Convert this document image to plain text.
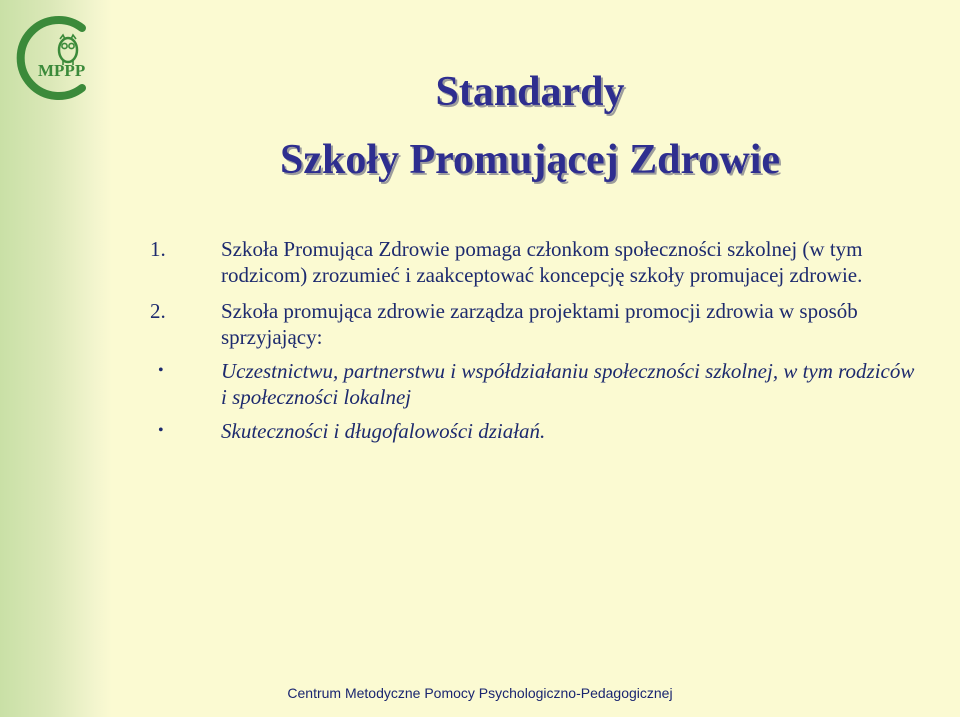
MPPP	Standardy
Szkoły Promującej Zdrowie
1.	Szkoła Promująca Zdrowie pomaga członkom społeczności szkolnej (w tym rodzicom) zrozumieć i zaakceptować koncepcję szkoły promujacej zdrowie.
2.	Szkoła promująca zdrowie zarządza projektami promocji zdrowia w sposób sprzyjający:
•	Uczestnictwu, partnerstwu i współdziałaniu społeczności szkolnej, w tym rodziców i społeczności lokalnej
•	Skuteczności i długofalowości działań.
Centrum Metodyczne Pomocy Psychologiczno-Pedagogicznej
